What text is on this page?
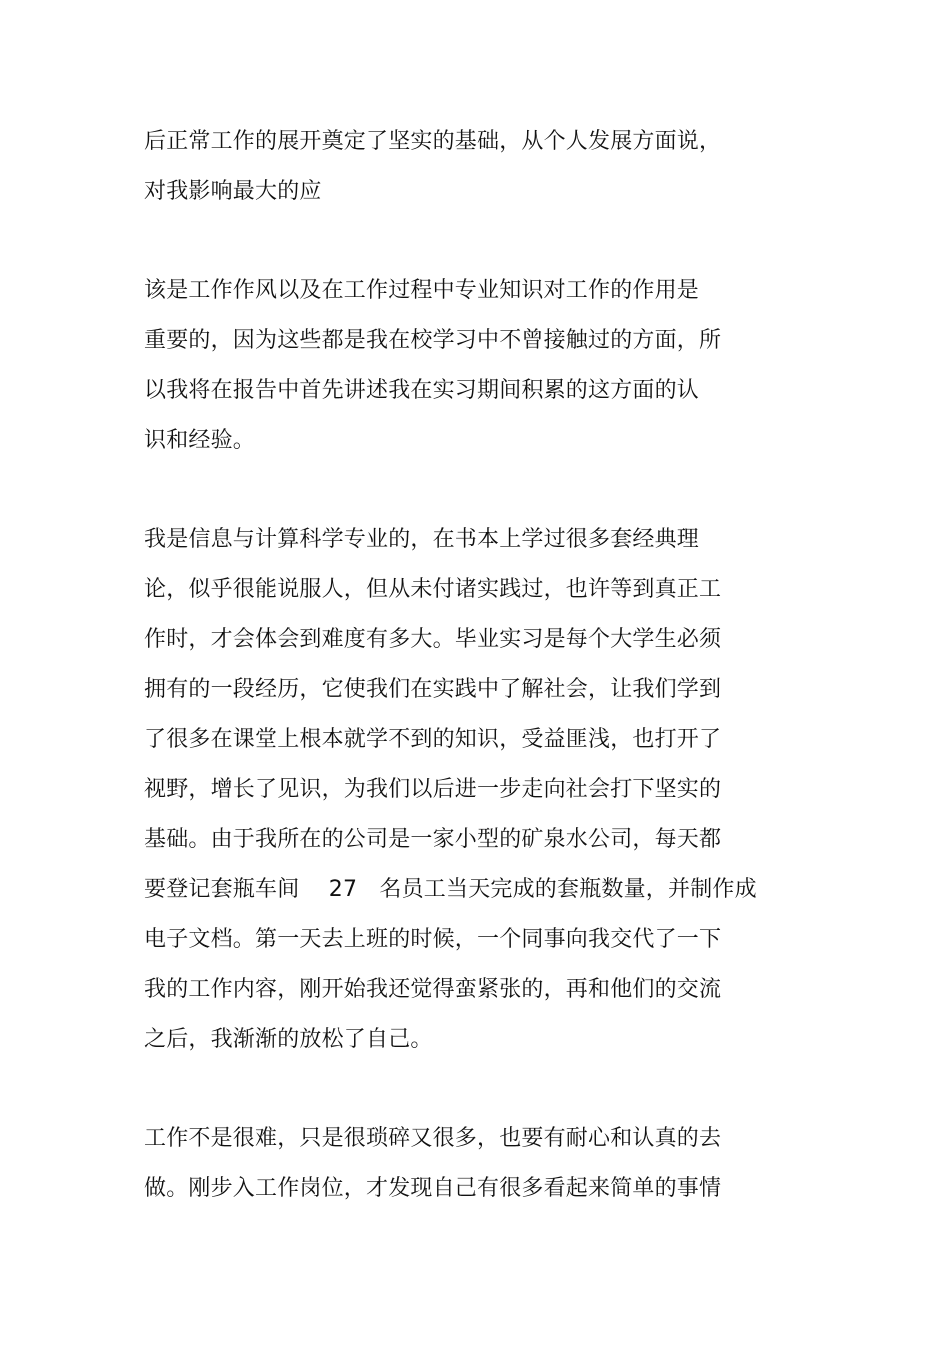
后正常工作的展开奠定了坚实的基础，从个人发展方面说，
对我影响最大的应
该是工作作风以及在工作过程中专业知识对工作的作用是
重要的，因为这些都是我在校学习中不曾接触过的方面，所
以我将在报告中首先讲述我在实习期间积累的这方面的认
识和经验。
我是信息与计算科学专业的，在书本上学过很多套经典理
论，似乎很能说服人，但从未付诸实践过，也许等到真正工
作时，才会体会到难度有多大。毕业实习是每个大学生必须
拥有的一段经历，它使我们在实践中了解社会，让我们学到
了很多在课堂上根本就学不到的知识，受益匪浅，也打开了
视野，增长了见识，为我们以后进一步走向社会打下坚实的
基础。由于我所在的公司是一家小型的矿泉水公司，每天都
要登记套瓶车间　 27　名员工当天完成的套瓶数量，并制作成
电子文档。第一天去上班的时候，一个同事向我交代了一下
我的工作内容，刚开始我还觉得蛮紧张的，再和他们的交流
之后，我渐渐的放松了自己。
工作不是很难，只是很琐碎又很多，也要有耐心和认真的去
做。刚步入工作岗位，才发现自己有很多看起来简单的事情
